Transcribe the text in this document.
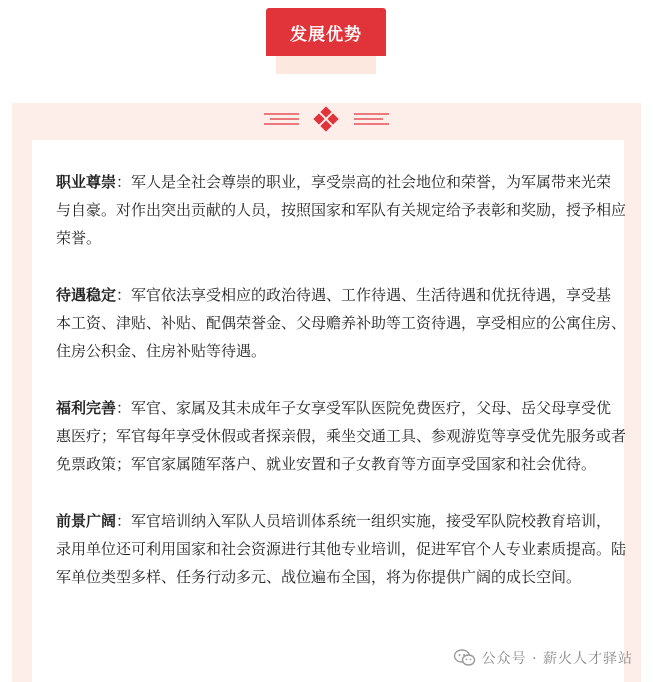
发展优势

职业尊崇：军人是全社会尊崇的职业，享受崇高的社会地位和荣誉，为军属带来光荣与自豪。对作出突出贡献的人员，按照国家和军队有关规定给予表彰和奖励，授予相应荣誉。

待遇稳定：军官依法享受相应的政治待遇、工作待遇、生活待遇和优抚待遇，享受基本工资、津贴、补贴、配偶荣誉金、父母赡养补助等工资待遇，享受相应的公寓住房、住房公积金、住房补贴等待遇。

福利完善：军官、家属及其未成年子女享受军队医院免费医疗，父母、岳父母享受优惠医疗；军官每年享受休假或者探亲假，乘坐交通工具、参观游览等享受优先服务或者免票政策；军官家属随军落户、就业安置和子女教育等方面享受国家和社会优待。

前景广阔：军官培训纳入军队人员培训体系统一组织实施，接受军队院校教育培训，录用单位还可利用国家和社会资源进行其他专业培训，促进军官个人专业素质提高。陆军单位类型多样、任务行动多元、战位遍布全国，将为你提供广阔的成长空间。

公众号 · 薪火人才驿站
